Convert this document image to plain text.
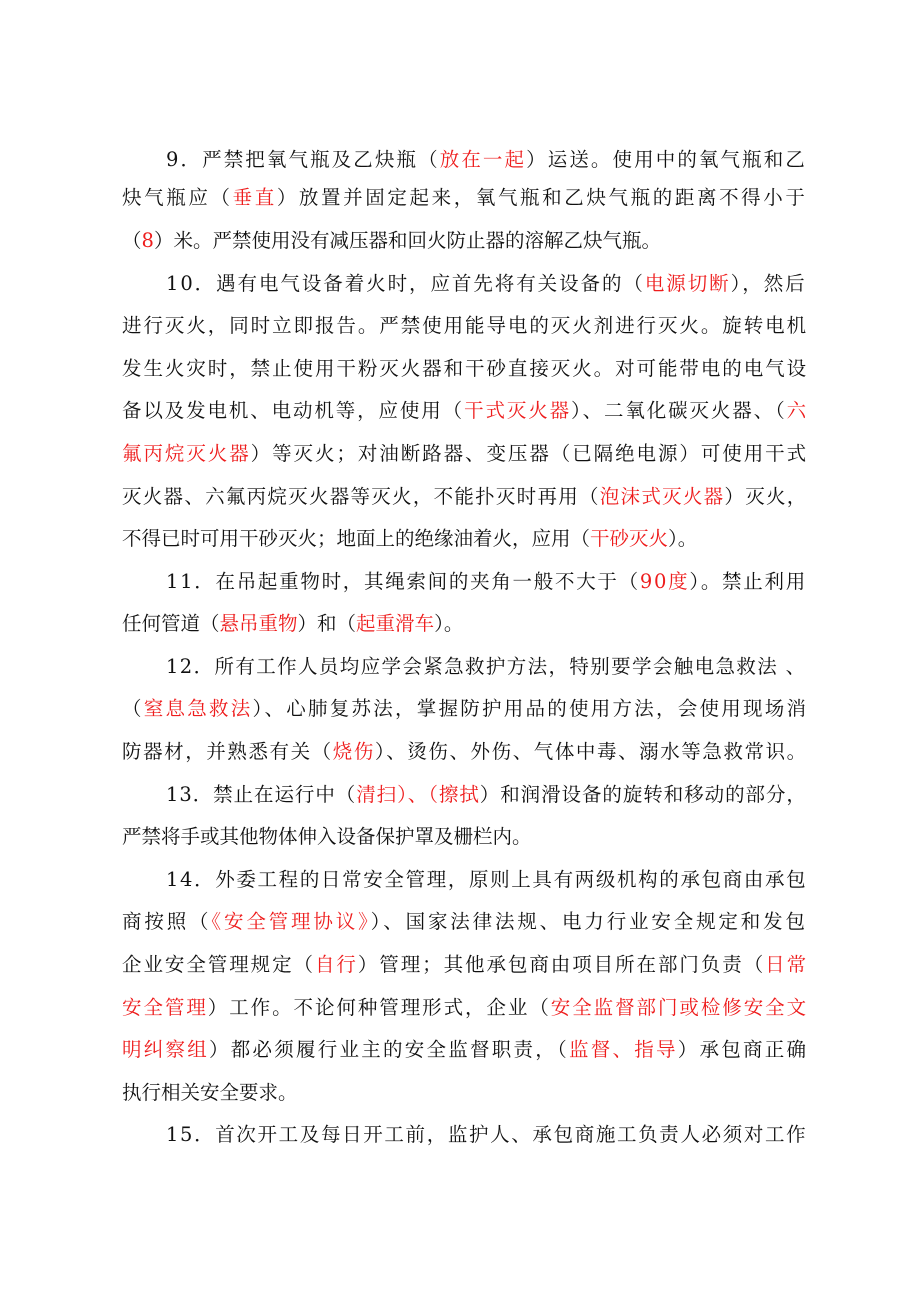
9．严禁把氧气瓶及乙炔瓶（放在一起）运送。使用中的氧气瓶和乙
炔气瓶应（垂直）放置并固定起来，氧气瓶和乙炔气瓶的距离不得小于
（8）米。严禁使用没有减压器和回火防止器的溶解乙炔气瓶。
10．遇有电气设备着火时，应首先将有关设备的（电源切断），然后
进行灭火，同时立即报告。严禁使用能导电的灭火剂进行灭火。旋转电机
发生火灾时，禁止使用干粉灭火器和干砂直接灭火。对可能带电的电气设
备以及发电机、电动机等，应使用（干式灭火器）、二氧化碳灭火器、（六
氟丙烷灭火器）等灭火；对油断路器、变压器（已隔绝电源）可使用干式
灭火器、六氟丙烷灭火器等灭火，不能扑灭时再用（泡沫式灭火器）灭火，
不得已时可用干砂灭火；地面上的绝缘油着火，应用（干砂灭火）。
11．在吊起重物时，其绳索间的夹角一般不大于（90度）。禁止利用
任何管道（悬吊重物）和（起重滑车）。
12．所有工作人员均应学会紧急救护方法，特别要学会触电急救法 、
（窒息急救法）、心肺复苏法，掌握防护用品的使用方法，会使用现场消
防器材，并熟悉有关（烧伤）、烫伤、外伤、气体中毒、溺水等急救常识。
13．禁止在运行中（清扫）、（擦拭）和润滑设备的旋转和移动的部分，
严禁将手或其他物体伸入设备保护罩及栅栏内。
14．外委工程的日常安全管理，原则上具有两级机构的承包商由承包
商按照（《安全管理协议》）、国家法律法规、电力行业安全规定和发包
企业安全管理规定（自行）管理；其他承包商由项目所在部门负责（日常
安全管理）工作。不论何种管理形式，企业（安全监督部门或检修安全文
明纠察组）都必须履行业主的安全监督职责，（监督、指导）承包商正确
执行相关安全要求。
15．首次开工及每日开工前，监护人、承包商施工负责人必须对工作
